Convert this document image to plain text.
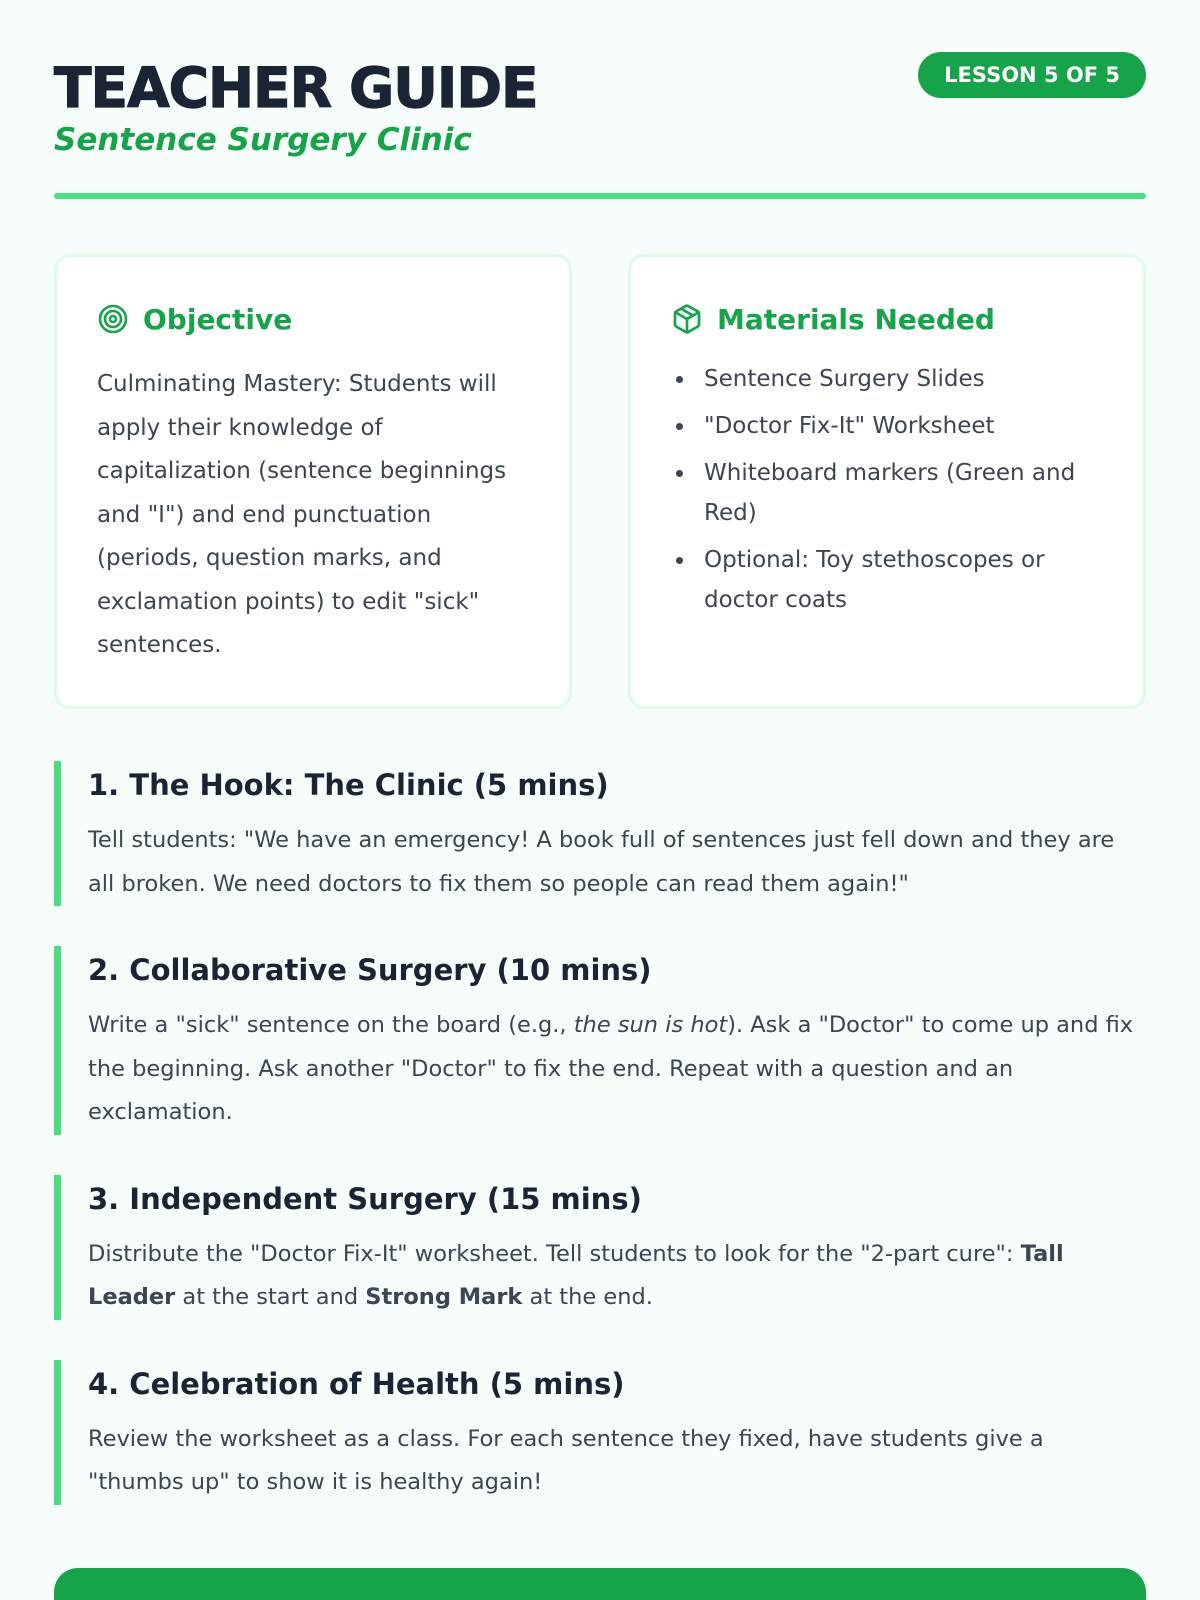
TEACHER GUIDE
Sentence Surgery Clinic
LESSON 5 OF 5
Objective

Culminating Mastery: Students will apply their knowledge of capitalization (sentence beginnings and "I") and end punctuation (periods, question marks, and exclamation points) to edit "sick" sentences.

Materials Needed
Sentence Surgery Slides
"Doctor Fix-It" Worksheet
Whiteboard markers (Green and Red)
Optional: Toy stethoscopes or doctor coats
1. The Hook: The Clinic (5 mins)

Tell students: "We have an emergency! A book full of sentences just fell down and they are all broken. We need doctors to fix them so people can read them again!"

2. Collaborative Surgery (10 mins)

Write a "sick" sentence on the board (e.g., the sun is hot). Ask a "Doctor" to come up and fix the beginning. Ask another "Doctor" to fix the end. Repeat with a question and an exclamation.

3. Independent Surgery (15 mins)

Distribute the "Doctor Fix-It" worksheet. Tell students to look for the "2-part cure": Tall Leader at the start and Strong Mark at the end.

4. Celebration of Health (5 mins)

Review the worksheet as a class. For each sentence they fixed, have students give a "thumbs up" to show it is healthy again!
